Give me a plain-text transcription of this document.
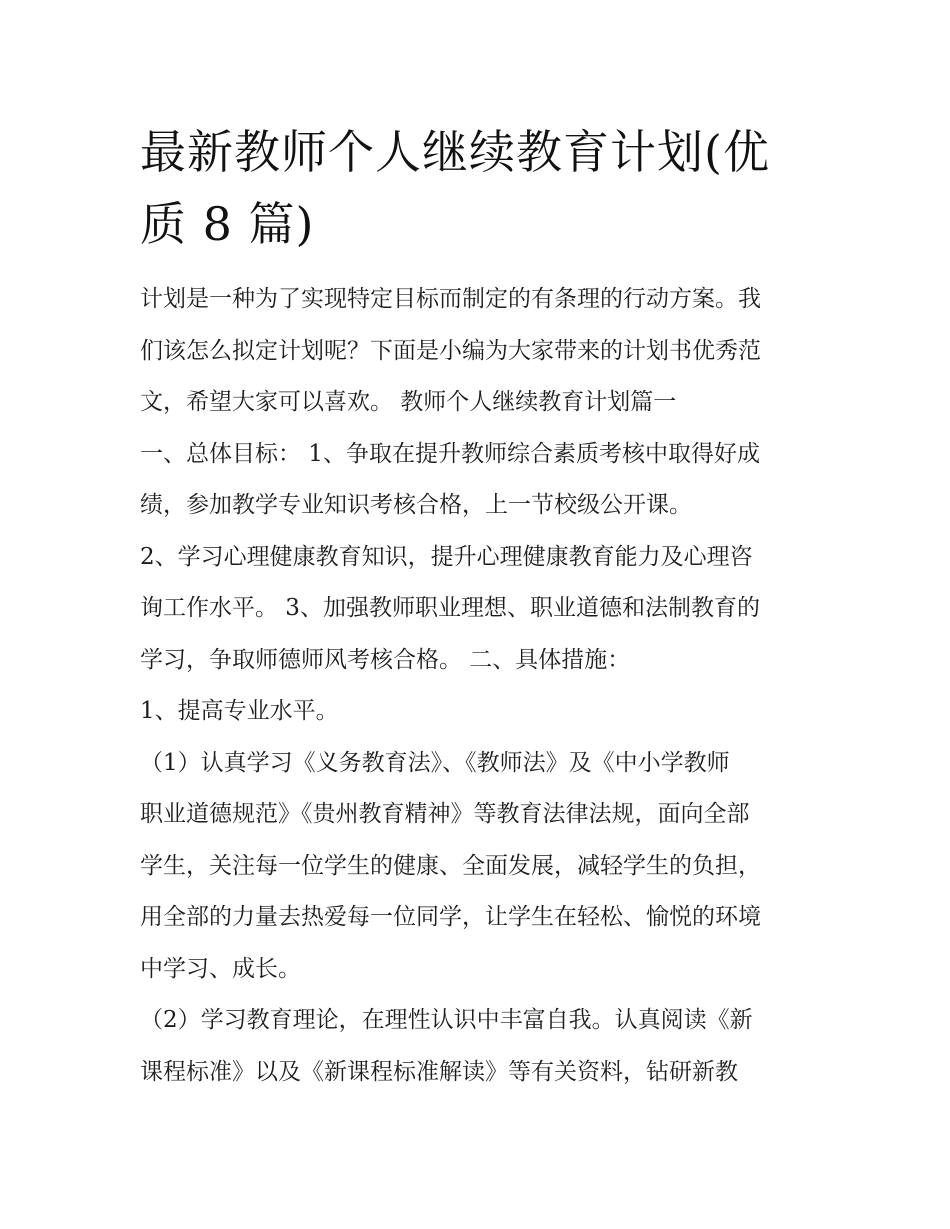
最新教师个人继续教育计划(优
质 8 篇)
计划是一种为了实现特定目标而制定的有条理的行动方案。我
们该怎么拟定计划呢？下面是小编为大家带来的计划书优秀范
文，希望大家可以喜欢。 教师个人继续教育计划篇一
一、总体目标： 1、争取在提升教师综合素质考核中取得好成
绩，参加教学专业知识考核合格，上一节校级公开课。
2、学习心理健康教育知识，提升心理健康教育能力及心理咨
询工作水平。 3、加强教师职业理想、职业道德和法制教育的
学习，争取师德师风考核合格。 二、具体措施：
1、提高专业水平。
（1）认真学习《义务教育法》、《教师法》及《中小学教师
职业道德规范》《贵州教育精神》等教育法律法规，面向全部
学生，关注每一位学生的健康、全面发展，减轻学生的负担，
用全部的力量去热爱每一位同学，让学生在轻松、愉悦的环境
中学习、成长。
（2）学习教育理论，在理性认识中丰富自我。认真阅读《新
课程标准》以及《新课程标准解读》等有关资料，钻研新教
